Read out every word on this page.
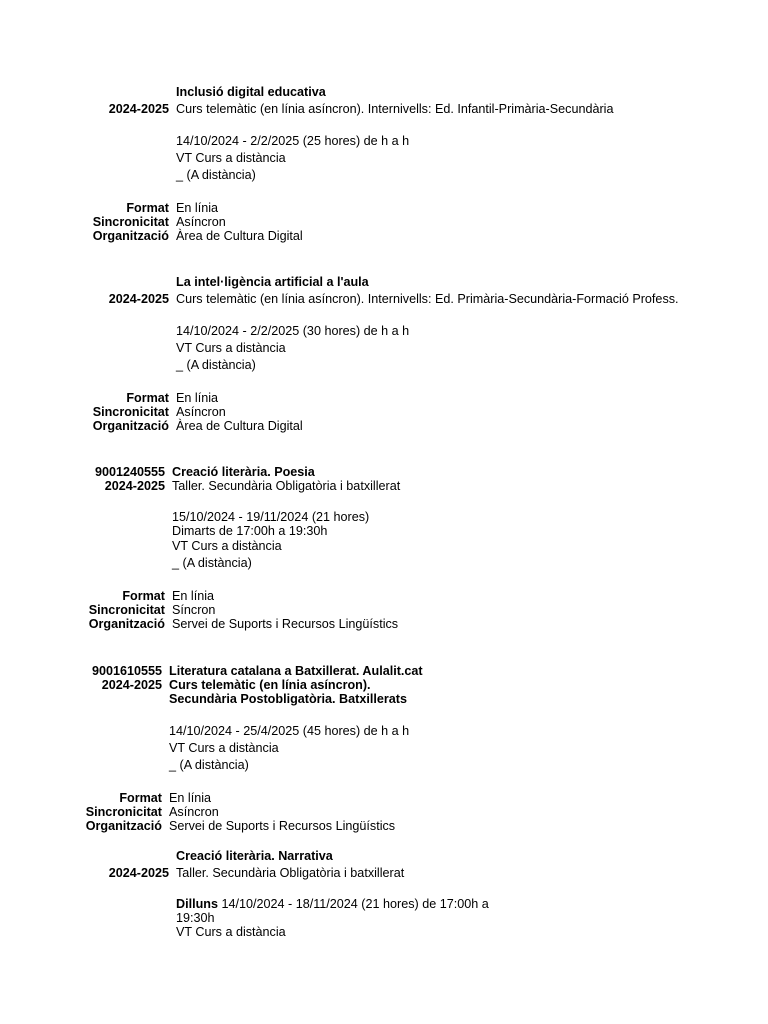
Inclusió digital educativa
2024-2025 Curs telemàtic (en línia asíncron). Internivells: Ed. Infantil-Primària-Secundària
14/10/2024 - 2/2/2025 (25 hores) de h a h
VT Curs a distància
_ (A distància)
Format En línia
Sincronicitat Asíncron
Organització Àrea de Cultura Digital
La intel·ligència artificial a l'aula
2024-2025 Curs telemàtic (en línia asíncron). Internivells: Ed. Primària-Secundària-Formació Profess.
14/10/2024 - 2/2/2025 (30 hores) de h a h
VT Curs a distància
_ (A distància)
Format En línia
Sincronicitat Asíncron
Organització Àrea de Cultura Digital
9001240555 Creació literària. Poesia
2024-2025 Taller. Secundària Obligatòria i batxillerat
15/10/2024 - 19/11/2024 (21 hores)
Dimarts de 17:00h a 19:30h
VT Curs a distància
_ (A distància)
Format En línia
Sincronicitat Síncron
Organització Servei de Suports i Recursos Lingüístics
9001610555 Literatura catalana a Batxillerat. Aulalit.cat
2024-2025 Curs telemàtic (en línia asíncron).
Secundària Postobligatòria. Batxillerats
14/10/2024 - 25/4/2025 (45 hores) de h a h
VT Curs a distància
_ (A distància)
Format En línia
Sincronicitat Asíncron
Organització Servei de Suports i Recursos Lingüístics
Creació literària. Narrativa
2024-2025 Taller. Secundària Obligatòria i batxillerat
Dilluns 14/10/2024 - 18/11/2024 (21 hores) de 17:00h a
19:30h
VT Curs a distància
